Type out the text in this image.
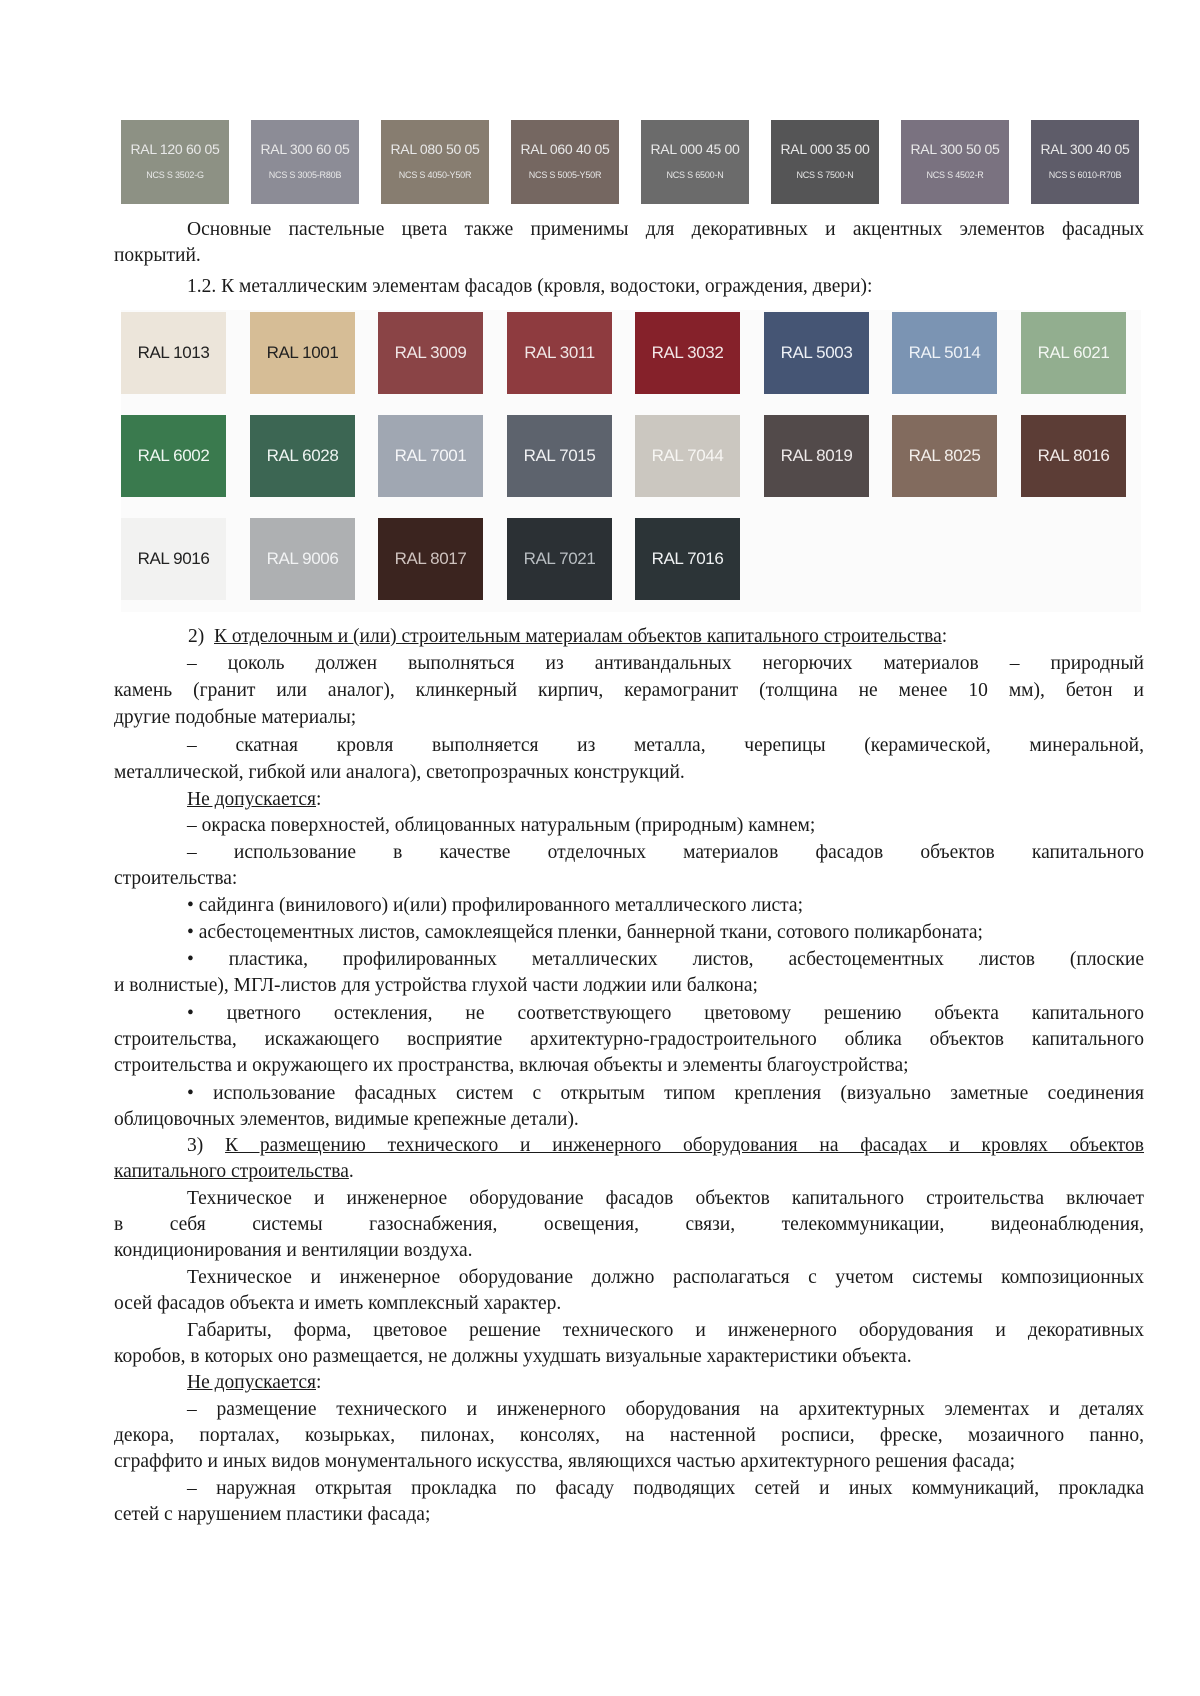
RAL 120 60 05
NCS S 3502-G
RAL 300 60 05
NCS S 3005-R80B
RAL 080 50 05
NCS S 4050-Y50R
RAL 060 40 05
NCS S 5005-Y50R
RAL 000 45 00
NCS S 6500-N
RAL 000 35 00
NCS S 7500-N
RAL 300 50 05
NCS S 4502-R
RAL 300 40 05
NCS S 6010-R70B
Основные пастельные цвета также применимы для декоративных и акцентных элементов фасадных
покрытий.
1.2. К металлическим элементам фасадов (кровля, водостоки, ограждения, двери):
RAL 1013	RAL 1001	RAL 3009	RAL 3011	RAL 3032	RAL 5003	RAL 5014	RAL 6021
RAL 6002	RAL 6028	RAL 7001	RAL 7015	RAL 7044	RAL 8019	RAL 8025	RAL 8016
RAL 9016	RAL 9006	RAL 8017	RAL 7021	RAL 7016
2) К отделочным и (или) строительным материалам объектов капитального строительства:
– цоколь должен выполняться из антивандальных негорючих материалов – природный
камень (гранит или аналог), клинкерный кирпич, керамогранит (толщина не менее 10 мм), бетон и
другие подобные материалы;
– скатная кровля выполняется из металла, черепицы (керамической, минеральной,
металлической, гибкой или аналога), светопрозрачных конструкций.
Не допускается:
– окраска поверхностей, облицованных натуральным (природным) камнем;
– использование в качестве отделочных материалов фасадов объектов капитального
строительства:
• сайдинга (винилового) и(или) профилированного металлического листа;
• асбестоцементных листов, самоклеящейся пленки, баннерной ткани, сотового поликарбоната;
• пластика, профилированных металлических листов, асбестоцементных листов (плоские
и волнистые), МГЛ-листов для устройства глухой части лоджии или балкона;
• цветного остекления, не соответствующего цветовому решению объекта капитального
строительства, искажающего восприятие архитектурно-градостроительного облика объектов капитального
строительства и окружающего их пространства, включая объекты и элементы благоустройства;
• использование фасадных систем с открытым типом крепления (визуально заметные соединения
облицовочных элементов, видимые крепежные детали).
3) К размещению технического и инженерного оборудования на фасадах и кровлях объектов
капитального строительства.
Техническое и инженерное оборудование фасадов объектов капитального строительства включает
в себя системы газоснабжения, освещения, связи, телекоммуникации, видеонаблюдения,
кондиционирования и вентиляции воздуха.
Техническое и инженерное оборудование должно располагаться с учетом системы композиционных
осей фасадов объекта и иметь комплексный характер.
Габариты, форма, цветовое решение технического и инженерного оборудования и декоративных
коробов, в которых оно размещается, не должны ухудшать визуальные характеристики объекта.
Не допускается:
– размещение технического и инженерного оборудования на архитектурных элементах и деталях
декора, порталах, козырьках, пилонах, консолях, на настенной росписи, фреске, мозаичного панно,
сграффито и иных видов монументального искусства, являющихся частью архитектурного решения фасада;
– наружная открытая прокладка по фасаду подводящих сетей и иных коммуникаций, прокладка
сетей с нарушением пластики фасада;
